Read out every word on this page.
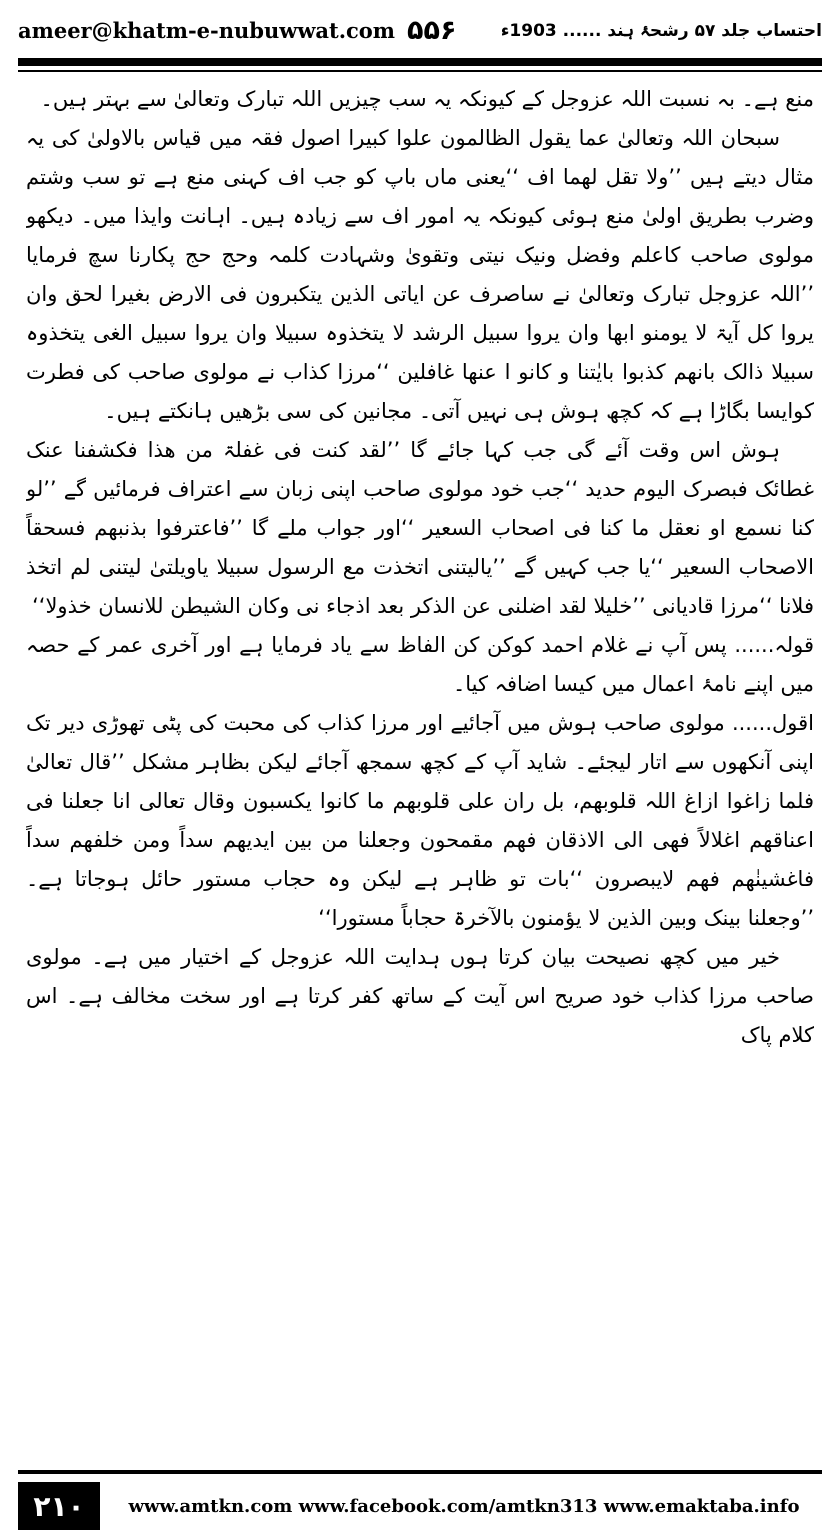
ameer@khatm-e-nubuwwat.com ۵۵۶	احتساب جلد ۵۷ رشحۂ ہند ...... 1903ء

منع ہے۔ بہ نسبت اللہ عزوجل کے کیونکہ یہ سب چیزیں اللہ تبارک وتعالیٰ سے بہتر ہیں۔

سبحان اللہ وتعالیٰ عما یقول الظالمون علوا کبیرا اصول فقہ میں قیاس بالاولیٰ کی یہ مثال دیتے ہیں ’’ولا تقل لھما اف ‘‘یعنی ماں باپ کو جب اف کہنی منع ہے تو سب وشتم وضرب بطریق اولیٰ منع ہوئی کیونکہ یہ امور اف سے زیادہ ہیں۔ اہانت وایذا میں۔ دیکھو مولوی صاحب کاعلم وفضل ونیک نیتی وتقویٰ وشہادت کلمہ وحج حج پکارنا سچ فرمایا ’’اللہ عزوجل تبارک وتعالیٰ نے ساصرف عن ایاتی الذین یتکبرون فی الارض بغیرا لحق وان یروا کل آیۃ لا یومنو ابھا وان یروا سبیل الرشد لا یتخذوہ سبیلا وان یروا سبیل الغی یتخذوہ سبیلا ذالک بانھم کذبوا بایٰتنا و کانو ا عنھا غافلین ‘‘مرزا کذاب نے مولوی صاحب کی فطرت کوایسا بگاڑا ہے کہ کچھ ہوش ہی نہیں آتی۔ مجانین کی سی بڑھیں ہانکتے ہیں۔

ہوش اس وقت آئے گی جب کہا جائے گا ’’لقد کنت فی غفلۃ من ھذا فکشفنا عنک غطائک فبصرک الیوم حدید ‘‘جب خود مولوی صاحب اپنی زبان سے اعتراف فرمائیں گے ’’لو کنا نسمع او نعقل ما کنا فی اصحاب السعیر ‘‘اور جواب ملے گا ’’فاعترفوا بذنبھم فسحقاً الاصحاب السعیر ‘‘یا جب کہیں گے ’’یالیتنی اتخذت مع الرسول سبیلا یاویلتیٰ لیتنی لم اتخذ فلانا ‘‘مرزا قادیانی ’’خلیلا لقد اضلنی عن الذکر بعد اذجاء نی وکان الشیطن للانسان خذولا‘‘

قولہ...... پس آپ نے غلام احمد کوکن کن الفاظ سے یاد فرمایا ہے اور آخری عمر کے حصہ میں اپنے نامۂ اعمال میں کیسا اضافہ کیا۔

اقول...... مولوی صاحب ہوش میں آجائیے اور مرزا کذاب کی محبت کی پٹی تھوڑی دیر تک اپنی آنکھوں سے اتار لیجئے۔ شاید آپ کے کچھ سمجھ آجائے لیکن بظاہر مشکل ’’قال تعالیٰ فلما زاغوا ازاغ اللہ قلوبھم، بل ران علی قلوبھم ما کانوا یکسبون وقال تعالی انا جعلنا فی اعناقھم اغلالاً فھی الی الاذقان فھم مقمحون وجعلنا من بین ایدیھم سداً ومن خلفھم سداً فاغشینٰھم فھم لایبصرون ‘‘بات تو ظاہر ہے لیکن وہ حجاب مستور حائل ہوجاتا ہے۔ ’’وجعلنا بینک وبین الذین لا یؤمنون بالآخرۃ حجاباً مستورا‘‘

خیر میں کچھ نصیحت بیان کرتا ہوں ہدایت اللہ عزوجل کے اختیار میں ہے۔ مولوی صاحب مرزا کذاب خود صریح اس آیت کے ساتھ کفر کرتا ہے اور سخت مخالف ہے۔ اس کلام پاک

۲۱۰	www.amtkn.com www.facebook.com/amtkn313 www.emaktaba.info
